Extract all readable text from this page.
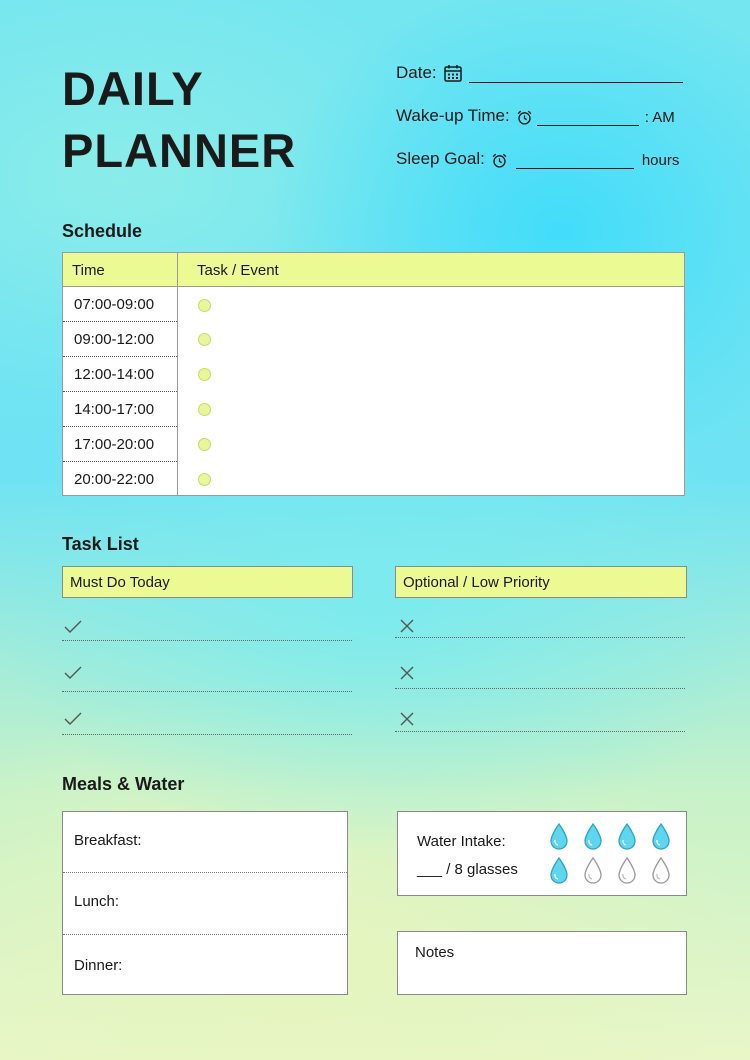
DAILY
PLANNER
Date:
Wake-up Time:	: AM
Sleep Goal:	hours
Schedule
Time	Task / Event
07:00-09:00
09:00-12:00
12:00-14:00
14:00-17:00
17:00-20:00
20:00-22:00
Task List
Must Do Today	Optional / Low Priority
Meals & Water
Breakfast:
Lunch:
Dinner:
Water Intake:
___ / 8 glasses
Notes
